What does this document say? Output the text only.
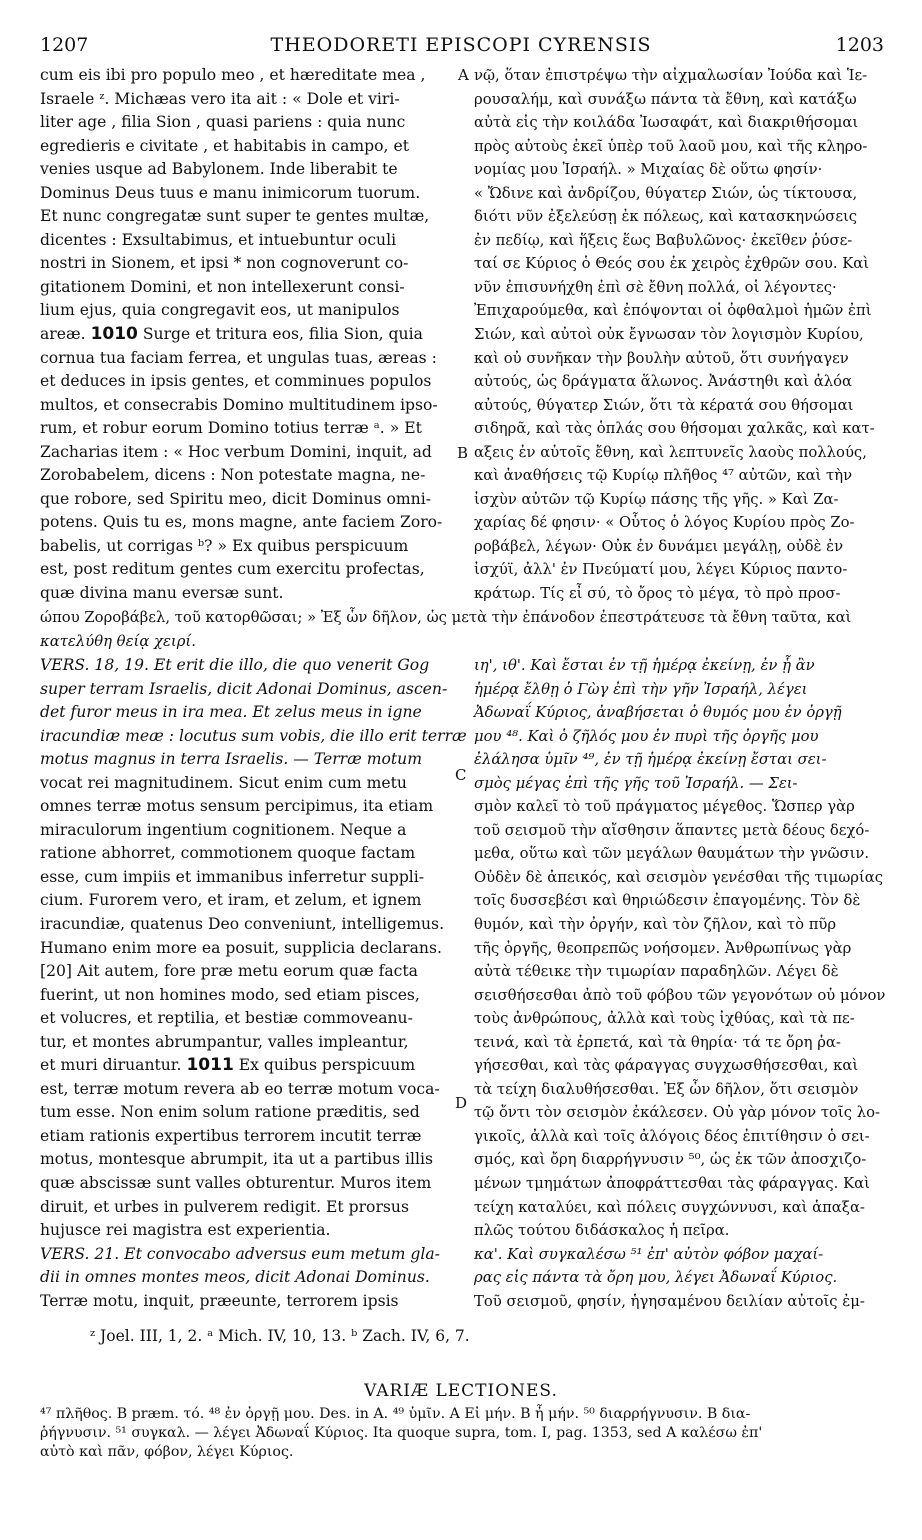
1207	THEODORETI EPISCOPI CYRENSIS	1203
A
B
C
D

cum eis ibi pro populo meo , et hæreditate mea ,

Israele ᶻ. Michæas vero ita ait : « Dole et viri-

liter age , filia Sion , quasi pariens : quia nunc

egredieris e civitate , et habitabis in campo, et

venies usque ad Babylonem. Inde liberabit te

Dominus Deus tuus e manu inimicorum tuorum.

Et nunc congregatæ sunt super te gentes multæ,

dicentes : Exsultabimus, et intuebuntur oculi

nostri in Sionem, et ipsi * non cognoverunt co-

gitationem Domini, et non intellexerunt consi-

lium ejus, quia congregavit eos, ut manipulos

areæ. 1010 Surge et tritura eos, filia Sion, quia

cornua tua faciam ferrea, et ungulas tuas, æreas :

et deduces in ipsis gentes, et comminues populos

multos, et consecrabis Domino multitudinem ipso-

rum, et robur eorum Domino totius terræ ᵃ. » Et

Zacharias item : « Hoc verbum Domini, inquit, ad

Zorobabelem, dicens : Non potestate magna, ne-

que robore, sed Spiritu meo, dicit Dominus omni-

potens. Quis tu es, mons magne, ante faciem Zoro-

babelis, ut corrigas ᵇ? » Ex quibus perspicuum

est, post reditum gentes cum exercitu profectas,

quæ divina manu eversæ sunt.

νῷ, ὅταν ἐπιστρέψω τὴν αἰχμαλωσίαν Ἰούδα καὶ Ἱε-

ρουσαλήμ, καὶ συνάξω πάντα τὰ ἔθνη, καὶ κατάξω

αὐτὰ εἰς τὴν κοιλάδα Ἰωσαφάτ, καὶ διακριθήσομαι

πρὸς αὐτοὺς ἐκεῖ ὑπὲρ τοῦ λαοῦ μου, καὶ τῆς κληρο-

νομίας μου Ἰσραήλ. » Μιχαίας δὲ οὕτω φησίν·

« Ὤδινε καὶ ἀνδρίζου, θύγατερ Σιών, ὡς τίκτουσα,

διότι νῦν ἐξελεύσῃ ἐκ πόλεως, καὶ κατασκηνώσεις

ἐν πεδίῳ, καὶ ἥξεις ἕως Βαβυλῶνος· ἐκεῖθεν ῥύσε-

ταί σε Κύριος ὁ Θεός σου ἐκ χειρὸς ἐχθρῶν σου. Καὶ

νῦν ἐπισυνήχθη ἐπὶ σὲ ἔθνη πολλά, οἱ λέγοντες·

Ἐπιχαρούμεθα, καὶ ἐπόψονται οἱ ὀφθαλμοὶ ἡμῶν ἐπὶ

Σιών, καὶ αὐτοὶ οὐκ ἔγνωσαν τὸν λογισμὸν Κυρίου,

καὶ οὐ συνῆκαν τὴν βουλὴν αὐτοῦ, ὅτι συνήγαγεν

αὐτούς, ὡς δράγματα ἅλωνος. Ἀνάστηθι καὶ ἀλόα

αὐτούς, θύγατερ Σιών, ὅτι τὰ κέρατά σου θήσομαι

σιδηρᾶ, καὶ τὰς ὁπλάς σου θήσομαι χαλκᾶς, καὶ κατ-

αξεις ἐν αὐτοῖς ἔθνη, καὶ λεπτυνεῖς λαοὺς πολλούς,

καὶ ἀναθήσεις τῷ Κυρίῳ πλῆθος ⁴⁷ αὐτῶν, καὶ τὴν

ἰσχὺν αὐτῶν τῷ Κυρίῳ πάσης τῆς γῆς. » Καὶ Ζα-

χαρίας δέ φησιν· « Οὗτος ὁ λόγος Κυρίου πρὸς Ζο-

ροβάβελ, λέγων· Οὐκ ἐν δυνάμει μεγάλῃ, οὐδὲ ἐν

ἰσχύϊ, ἀλλ' ἐν Πνεύματί μου, λέγει Κύριος παντο-

κράτωρ. Τίς εἶ σύ, τὸ ὄρος τὸ μέγα, τὸ πρὸ προσ-

ώπου Ζοροβάβελ, τοῦ κατορθῶσαι; » Ἐξ ὧν δῆλον, ὡς μετὰ τὴν ἐπάνοδον ἐπεστράτευσε τὰ ἔθνη ταῦτα, καὶ

κατελύθη θείᾳ χειρί.

VERS. 18, 19. Et erit die illo, die quo venerit Gog

super terram Israelis, dicit Adonai Dominus, ascen-

det furor meus in ira mea. Et zelus meus in igne

iracundiæ meæ : locutus sum vobis, die illo erit terræ

motus magnus in terra Israelis. — Terræ motum

vocat rei magnitudinem. Sicut enim cum metu

omnes terræ motus sensum percipimus, ita etiam

miraculorum ingentium cognitionem. Neque a

ratione abhorret, commotionem quoque factam

esse, cum impiis et immanibus inferretur suppli-

cium. Furorem vero, et iram, et zelum, et ignem

iracundiæ, quatenus Deo conveniunt, intelligemus.

Humano enim more ea posuit, supplicia declarans.

[20] Ait autem, fore præ metu eorum quæ facta

fuerint, ut non homines modo, sed etiam pisces,

et volucres, et reptilia, et bestiæ commoveanu-

tur, et montes abrumpantur, valles impleantur,

et muri diruantur. 1011 Ex quibus perspicuum

est, terræ motum revera ab eo terræ motum voca-

tum esse. Non enim solum ratione præditis, sed

etiam rationis expertibus terrorem incutit terræ

motus, montesque abrumpit, ita ut a partibus illis

quæ abscissæ sunt valles obturentur. Muros item

diruit, et urbes in pulverem redigit. Et prorsus

hujusce rei magistra est experientia.

VERS. 21. Et convocabo adversus eum metum gla-

dii in omnes montes meos, dicit Adonai Dominus.

Terræ motu, inquit, præeunte, terrorem ipsis

ιη', ιθ'. Καὶ ἔσται ἐν τῇ ἡμέρᾳ ἐκείνῃ, ἐν ᾗ ἂν

ἡμέρᾳ ἔλθῃ ὁ Γὼγ ἐπὶ τὴν γῆν Ἰσραήλ, λέγει

Ἀδωναΐ Κύριος, ἀναβήσεται ὁ θυμός μου ἐν ὀργῇ

μου ⁴⁸. Καὶ ὁ ζῆλός μου ἐν πυρὶ τῆς ὀργῆς μου

ἐλάλησα ὑμῖν ⁴⁹, ἐν τῇ ἡμέρᾳ ἐκείνῃ ἔσται σει-

σμὸς μέγας ἐπὶ τῆς γῆς τοῦ Ἰσραήλ. — Σει-

σμὸν καλεῖ τὸ τοῦ πράγματος μέγεθος. Ὥσπερ γὰρ

τοῦ σεισμοῦ τὴν αἴσθησιν ἅπαντες μετὰ δέους δεχό-

μεθα, οὕτω καὶ τῶν μεγάλων θαυμάτων τὴν γνῶσιν.

Οὐδὲν δὲ ἀπεικός, καὶ σεισμὸν γενέσθαι τῆς τιμωρίας

τοῖς δυσσεβέσι καὶ θηριώδεσιν ἐπαγομένης. Τὸν δὲ

θυμόν, καὶ τὴν ὀργήν, καὶ τὸν ζῆλον, καὶ τὸ πῦρ

τῆς ὀργῆς, θεοπρεπῶς νοήσομεν. Ἀνθρωπίνως γὰρ

αὐτὰ τέθεικε τὴν τιμωρίαν παραδηλῶν. Λέγει δὲ

σεισθήσεσθαι ἀπὸ τοῦ φόβου τῶν γεγονότων οὐ μόνον

τοὺς ἀνθρώπους, ἀλλὰ καὶ τοὺς ἰχθύας, καὶ τὰ πε-

τεινά, καὶ τὰ ἑρπετά, καὶ τὰ θηρία· τά τε ὄρη ῥα-

γήσεσθαι, καὶ τὰς φάραγγας συγχωσθήσεσθαι, καὶ

τὰ τείχη διαλυθήσεσθαι. Ἐξ ὧν δῆλον, ὅτι σεισμὸν

τῷ ὄντι τὸν σεισμὸν ἐκάλεσεν. Οὐ γὰρ μόνον τοῖς λο-

γικοῖς, ἀλλὰ καὶ τοῖς ἀλόγοις δέος ἐπιτίθησιν ὁ σει-

σμός, καὶ ὄρη διαρρήγνυσιν ⁵⁰, ὡς ἐκ τῶν ἀποσχιζο-

μένων τμημάτων ἀποφράττεσθαι τὰς φάραγγας. Καὶ

τείχη καταλύει, καὶ πόλεις συγχώννυσι, καὶ ἁπαξα-

πλῶς τούτου διδάσκαλος ἡ πεῖρα.

κα'. Καὶ συγκαλέσω ⁵¹ ἐπ' αὐτὸν φόβον μαχαί-

ρας εἰς πάντα τὰ ὄρη μου, λέγει Ἀδωναΐ Κύριος.

Τοῦ σεισμοῦ, φησίν, ἡγησαμένου δειλίαν αὐτοῖς ἐμ-

ᶻ Joel. III, 1, 2. ᵃ Mich. IV, 10, 13. ᵇ Zach. IV, 6, 7.
VARIÆ LECTIONES.

⁴⁷ πλῆθος. B præm. τό. ⁴⁸ ἐν ὀργῇ μου. Des. in A. ⁴⁹ ὑμῖν. A Εἰ μήν. B ἦ μήν. ⁵⁰ διαρρήγνυσιν. B δια-

ῥήγνυσιν. ⁵¹ συγκαλ. — λέγει Ἀδωναΐ Κύριος. Ita quoque supra, tom. I, pag. 1353, sed A καλέσω ἐπ'

αὐτὸ καὶ πᾶν, φόβον, λέγει Κύριος.
